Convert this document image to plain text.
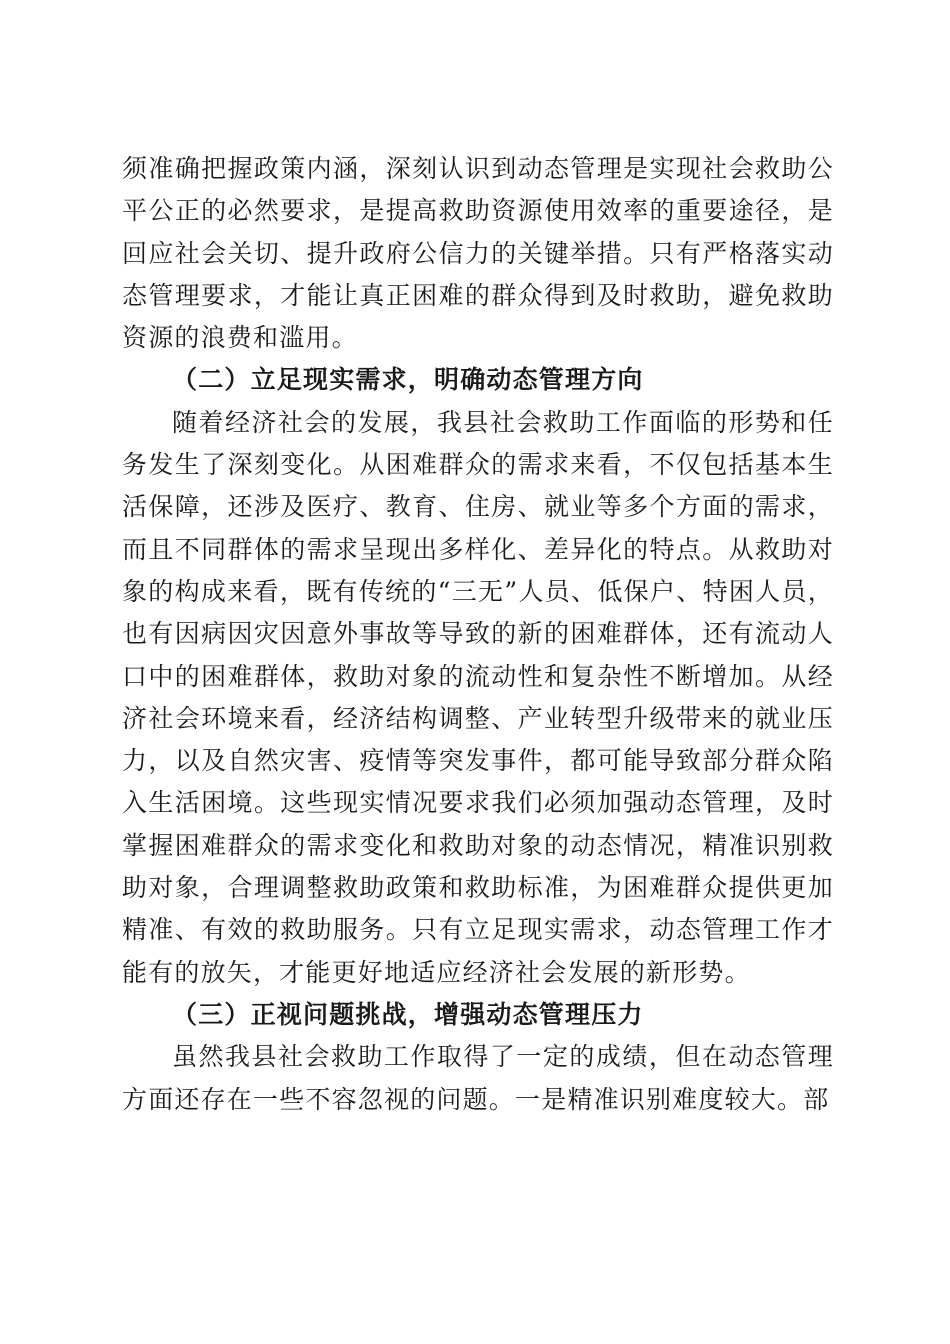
须准确把握政策内涵，深刻认识到动态管理是实现社会救助公平公正的必然要求，是提高救助资源使用效率的重要途径，是回应社会关切、提升政府公信力的关键举措。只有严格落实动态管理要求，才能让真正困难的群众得到及时救助，避免救助资源的浪费和滥用。

（二）立足现实需求，明确动态管理方向

随着经济社会的发展，我县社会救助工作面临的形势和任务发生了深刻变化。从困难群众的需求来看，不仅包括基本生活保障，还涉及医疗、教育、住房、就业等多个方面的需求，而且不同群体的需求呈现出多样化、差异化的特点。从救助对象的构成来看，既有传统的“三无”人员、低保户、特困人员，也有因病因灾因意外事故等导致的新的困难群体，还有流动人口中的困难群体，救助对象的流动性和复杂性不断增加。从经济社会环境来看，经济结构调整、产业转型升级带来的就业压力，以及自然灾害、疫情等突发事件，都可能导致部分群众陷入生活困境。这些现实情况要求我们必须加强动态管理，及时掌握困难群众的需求变化和救助对象的动态情况，精准识别救助对象，合理调整救助政策和救助标准，为困难群众提供更加精准、有效的救助服务。只有立足现实需求，动态管理工作才能有的放矢，才能更好地适应经济社会发展的新形势。

（三）正视问题挑战，增强动态管理压力

虽然我县社会救助工作取得了一定的成绩，但在动态管理方面还存在一些不容忽视的问题。一是精准识别难度较大。部
